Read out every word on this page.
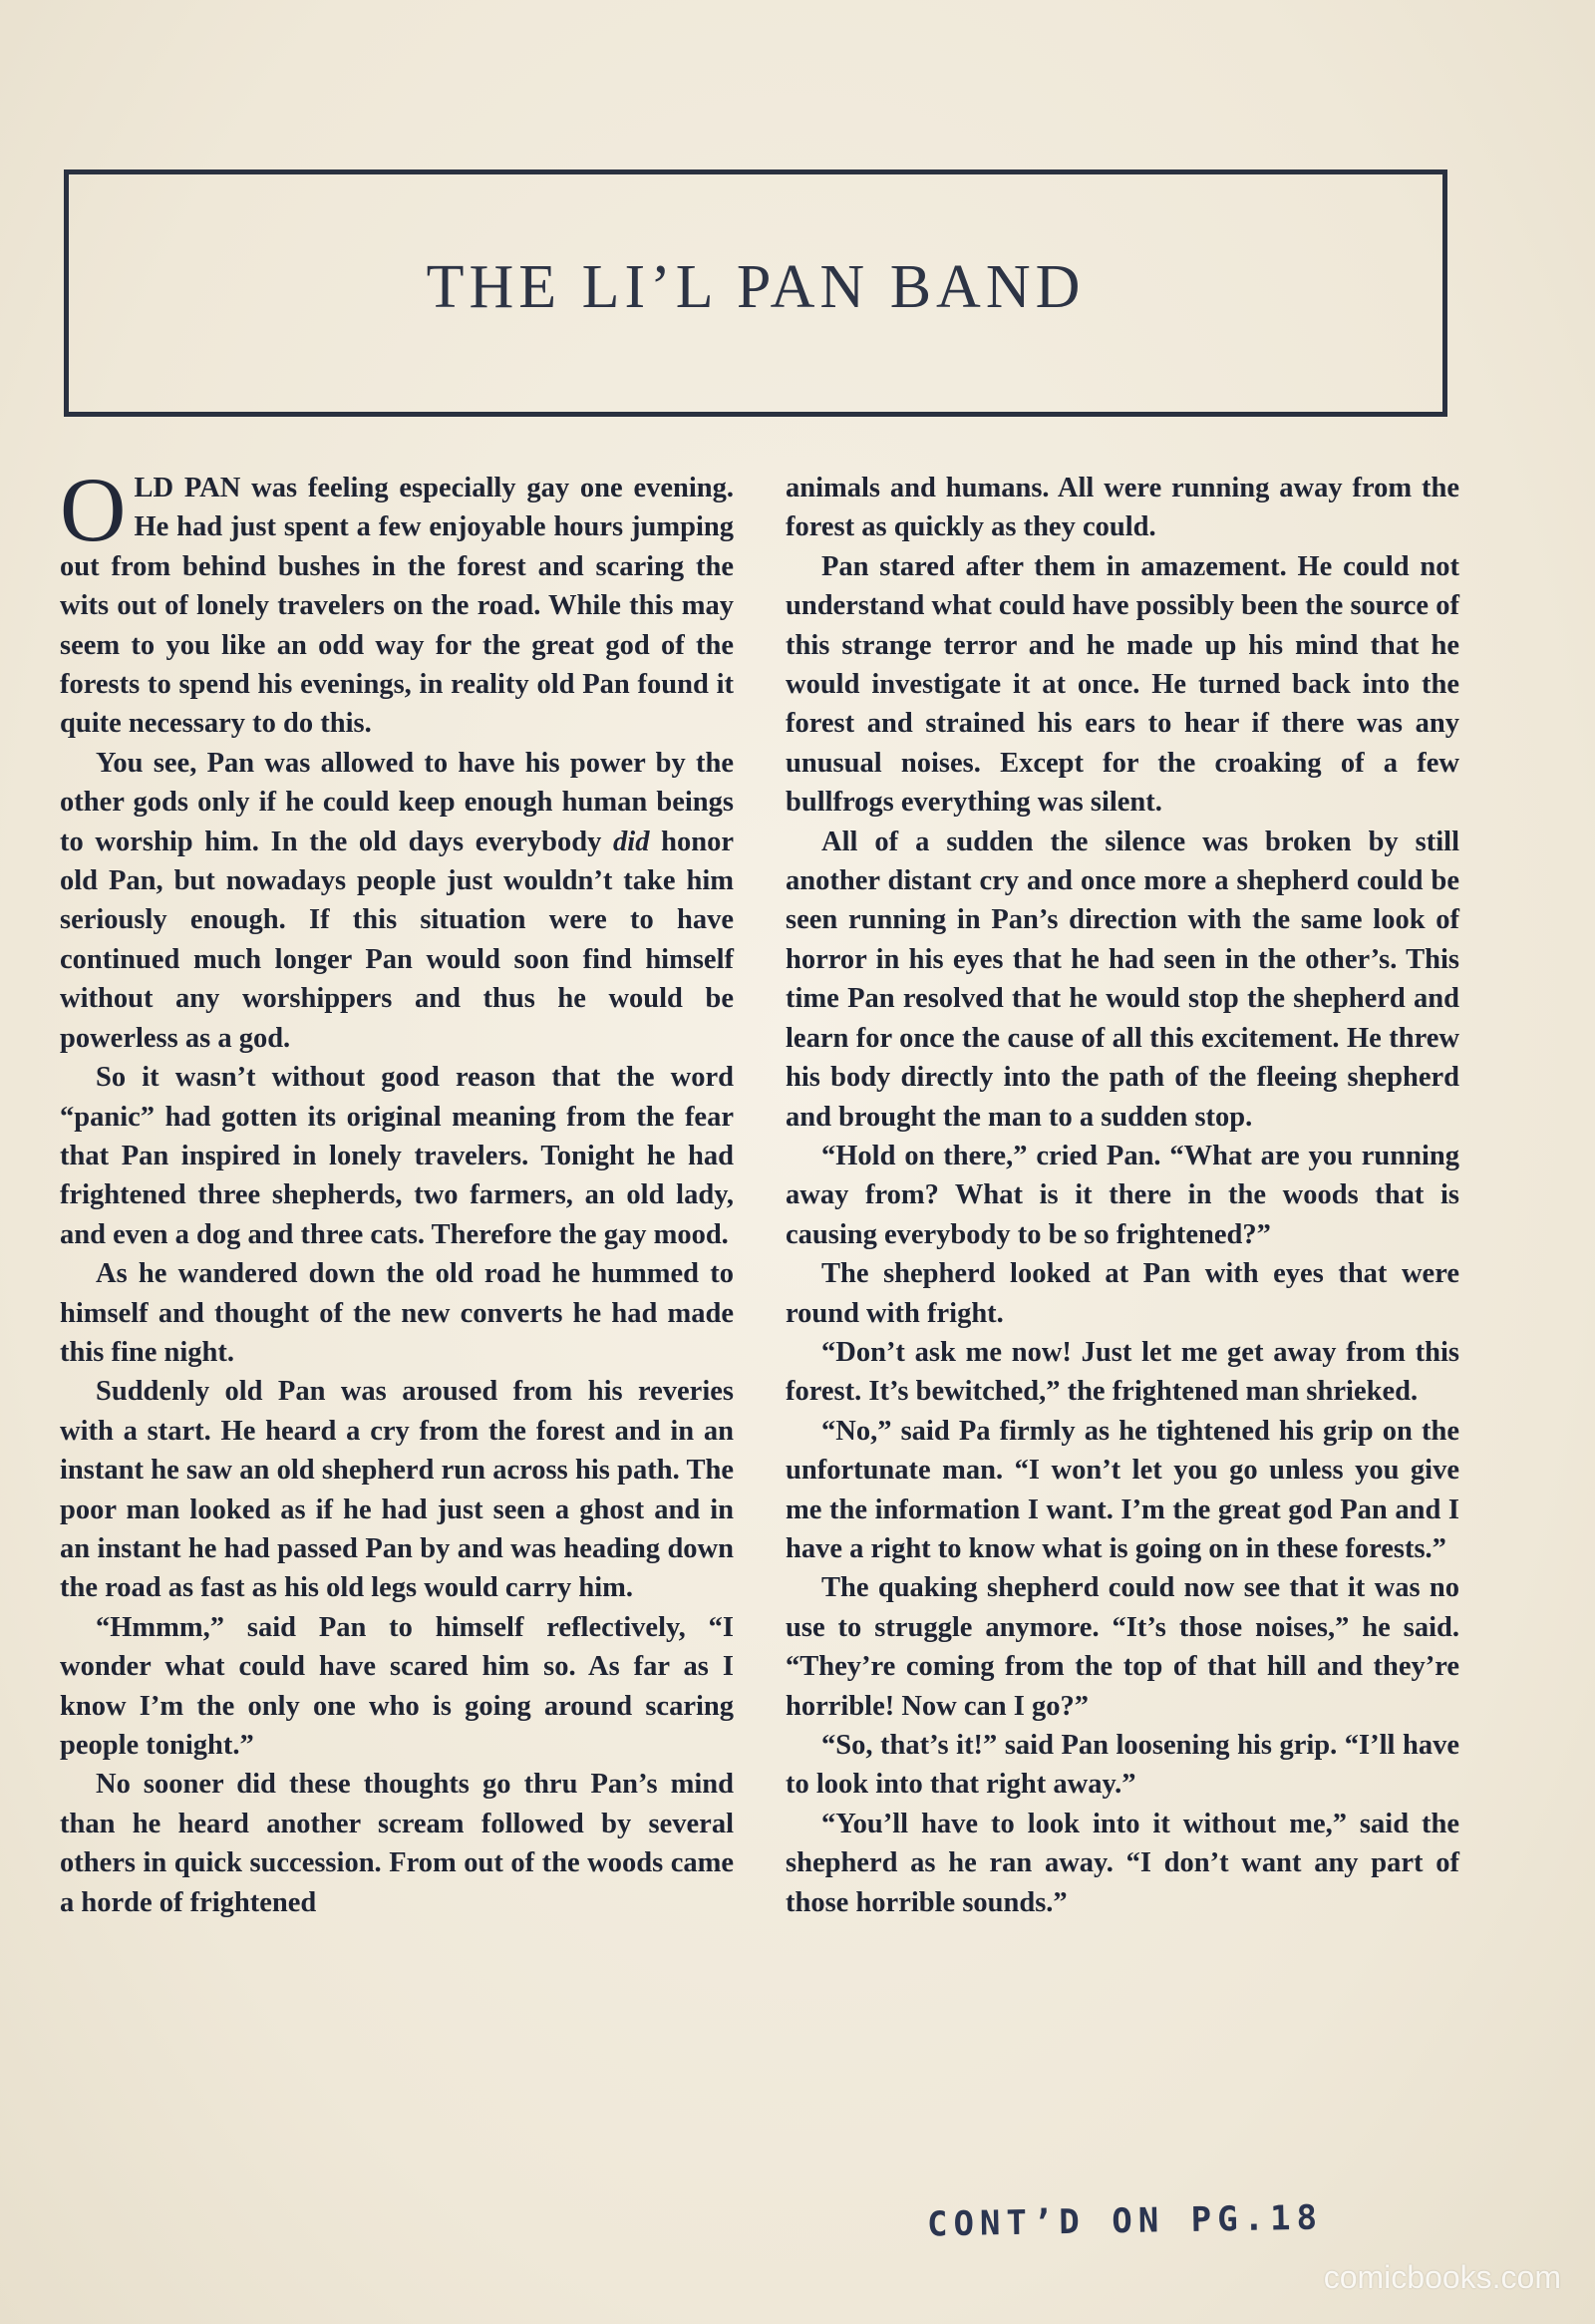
THE LI’L PAN BAND

OLD PAN was feeling especially gay one evening. He had just spent a few enjoyable hours jumping out from behind bushes in the forest and scaring the wits out of lonely travelers on the road. While this may seem to you like an odd way for the great god of the forests to spend his evenings, in reality old Pan found it quite necessary to do this.

You see, Pan was allowed to have his power by the other gods only if he could keep enough human beings to worship him. In the old days everybody did honor old Pan, but nowadays people just wouldn’t take him seriously enough. If this situation were to have continued much longer Pan would soon find himself without any worshippers and thus he would be powerless as a god.

So it wasn’t without good reason that the word “panic” had gotten its original meaning from the fear that Pan inspired in lonely travelers. Tonight he had frightened three shepherds, two farmers, an old lady, and even a dog and three cats. Therefore the gay mood.

As he wandered down the old road he hummed to himself and thought of the new converts he had made this fine night.

Suddenly old Pan was aroused from his reveries with a start. He heard a cry from the forest and in an instant he saw an old shepherd run across his path. The poor man looked as if he had just seen a ghost and in an instant he had passed Pan by and was heading down the road as fast as his old legs would carry him.

“Hmmm,” said Pan to himself reflectively, “I wonder what could have scared him so. As far as I know I’m the only one who is going around scaring people tonight.”

No sooner did these thoughts go thru Pan’s mind than he heard another scream followed by several others in quick succession. From out of the woods came a horde of frightened

animals and humans. All were running away from the forest as quickly as they could.

Pan stared after them in amazement. He could not understand what could have possibly been the source of this strange terror and he made up his mind that he would investigate it at once. He turned back into the forest and strained his ears to hear if there was any unusual noises. Except for the croaking of a few bullfrogs everything was silent.

All of a sudden the silence was broken by still another distant cry and once more a shepherd could be seen running in Pan’s direction with the same look of horror in his eyes that he had seen in the other’s. This time Pan resolved that he would stop the shepherd and learn for once the cause of all this excitement. He threw his body directly into the path of the fleeing shepherd and brought the man to a sudden stop.

“Hold on there,” cried Pan. “What are you running away from? What is it there in the woods that is causing everybody to be so frightened?”

The shepherd looked at Pan with eyes that were round with fright.

“Don’t ask me now! Just let me get away from this forest. It’s bewitched,” the frightened man shrieked.

“No,” said Pa firmly as he tightened his grip on the unfortunate man. “I won’t let you go unless you give me the information I want. I’m the great god Pan and I have a right to know what is going on in these forests.”

The quaking shepherd could now see that it was no use to struggle anymore. “It’s those noises,” he said. “They’re coming from the top of that hill and they’re horrible! Now can I go?”

“So, that’s it!” said Pan loosening his grip. “I’ll have to look into that right away.”

“You’ll have to look into it without me,” said the shepherd as he ran away. “I don’t want any part of those horrible sounds.”

CONT’D ON PG.18
comicbooks.com
